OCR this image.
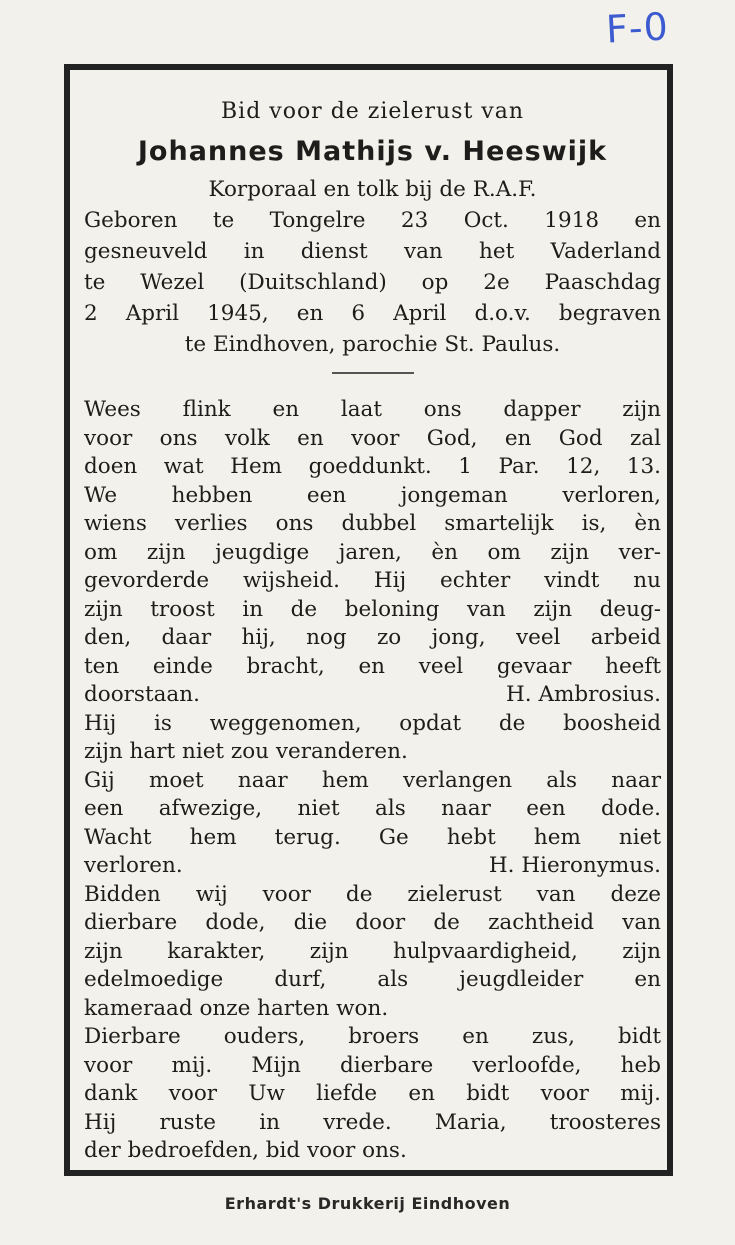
F-0
Bid voor de zielerust van
Johannes Mathijs v. Heeswijk
Korporaal en tolk bij de R.A.F.
Geboren te Tongelre 23 Oct. 1918 en
gesneuveld in dienst van het Vaderland
te Wezel (Duitschland) op 2e Paaschdag
2 April 1945, en 6 April d.o.v. begraven
te Eindhoven, parochie St. Paulus.
Wees flink en laat ons dapper zijn
voor ons volk en voor God, en God zal
doen wat Hem goeddunkt. 1 Par. 12, 13.
We hebben een jongeman verloren,
wiens verlies ons dubbel smartelijk is, èn
om zijn jeugdige jaren, èn om zijn ver-
gevorderde wijsheid. Hij echter vindt nu
zijn troost in de beloning van zijn deug-
den, daar hij, nog zo jong, veel arbeid
ten einde bracht, en veel gevaar heeft
doorstaan.	H. Ambrosius.
Hij is weggenomen, opdat de boosheid
zijn hart niet zou veranderen.
Gij moet naar hem verlangen als naar
een afwezige, niet als naar een dode.
Wacht hem terug. Ge hebt hem niet
verloren.	H. Hieronymus.
Bidden wij voor de zielerust van deze
dierbare dode, die door de zachtheid van
zijn karakter, zijn hulpvaardigheid, zijn
edelmoedige durf, als jeugdleider en
kameraad onze harten won.
Dierbare ouders, broers en zus, bidt
voor mij. Mijn dierbare verloofde, heb
dank voor Uw liefde en bidt voor mij.
Hij ruste in vrede. Maria, troosteres
der bedroefden, bid voor ons.
Erhardt's Drukkerij Eindhoven
